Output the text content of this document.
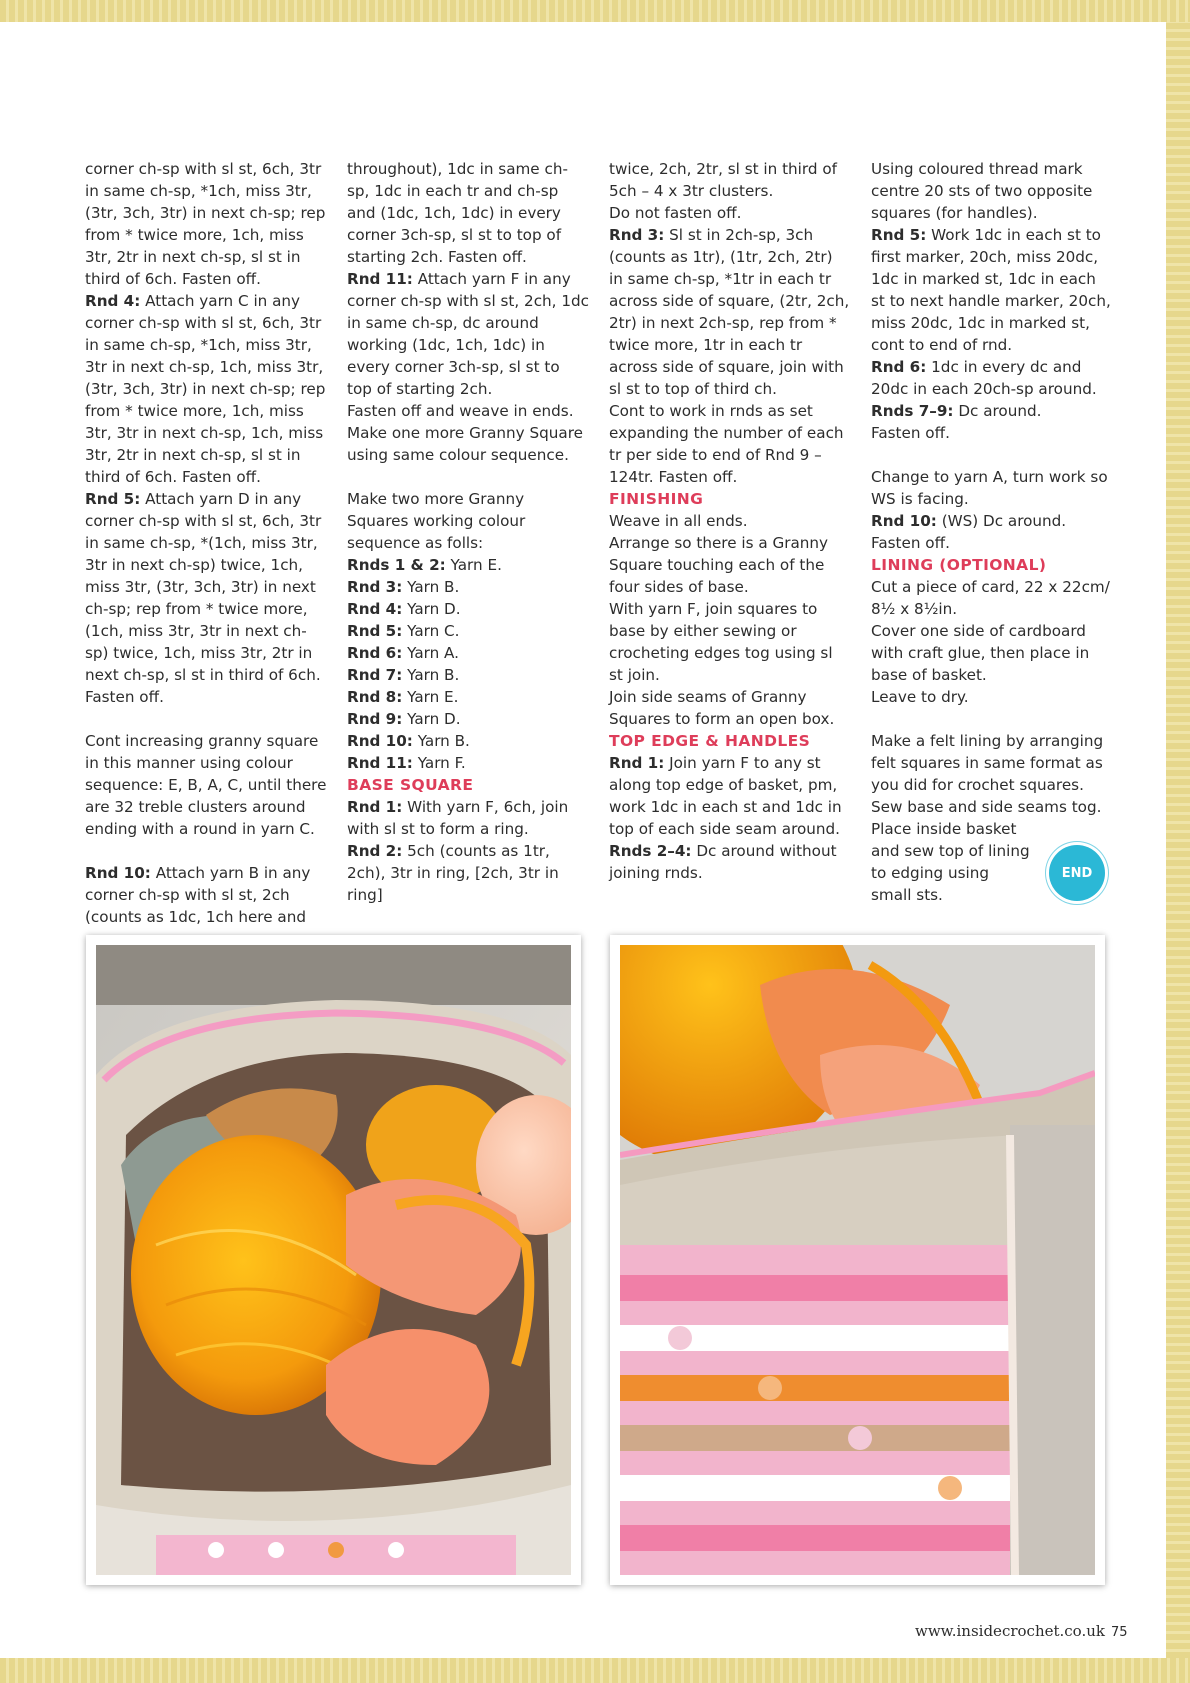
corner ch-sp with sl st, 6ch, 3tr in same ch-sp, *1ch, miss 3tr, (3tr, 3ch, 3tr) in next ch-sp; rep from * twice more, 1ch, miss 3tr, 2tr in next ch-sp, sl st in third of 6ch. Fasten off.

Rnd 4: Attach yarn C in any corner ch-sp with sl st, 6ch, 3tr in same ch-sp, *1ch, miss 3tr, 3tr in next ch-sp, 1ch, miss 3tr, (3tr, 3ch, 3tr) in next ch-sp; rep from * twice more, 1ch, miss 3tr, 3tr in next ch-sp, 1ch, miss 3tr, 2tr in next ch-sp, sl st in third of 6ch. Fasten off.

Rnd 5: Attach yarn D in any corner ch-sp with sl st, 6ch, 3tr in same ch-sp, *(1ch, miss 3tr, 3tr in next ch-sp) twice, 1ch, miss 3tr, (3tr, 3ch, 3tr) in next ch-sp; rep from * twice more, (1ch, miss 3tr, 3tr in next ch-sp) twice, 1ch, miss 3tr, 2tr in next ch-sp, sl st in third of 6ch. Fasten off.

Cont increasing granny square in this manner using colour sequence: E, B, A, C, until there are 32 treble clusters around ending with a round in yarn C.

Rnd 10: Attach yarn B in any corner ch-sp with sl st, 2ch (counts as 1dc, 1ch here and

throughout), 1dc in same ch-sp, 1dc in each tr and ch-sp and (1dc, 1ch, 1dc) in every corner 3ch-sp, sl st to top of starting 2ch. Fasten off.

Rnd 11: Attach yarn F in any corner ch-sp with sl st, 2ch, 1dc in same ch-sp, dc around working (1dc, 1ch, 1dc) in every corner 3ch-sp, sl st to top of starting 2ch.

Fasten off and weave in ends.

Make one more Granny Square using same colour sequence.

Make two more Granny Squares working colour sequence as folls:

Rnds 1 & 2: Yarn E.

Rnd 3: Yarn B.

Rnd 4: Yarn D.

Rnd 5: Yarn C.

Rnd 6: Yarn A.

Rnd 7: Yarn B.

Rnd 8: Yarn E.

Rnd 9: Yarn D.

Rnd 10: Yarn B.

Rnd 11: Yarn F.

BASE SQUARE

Rnd 1: With yarn F, 6ch, join with sl st to form a ring.

Rnd 2: 5ch (counts as 1tr, 2ch), 3tr in ring, [2ch, 3tr in ring]

twice, 2ch, 2tr, sl st in third of 5ch – 4 x 3tr clusters.

Do not fasten off.

Rnd 3: Sl st in 2ch-sp, 3ch (counts as 1tr), (1tr, 2ch, 2tr) in same ch-sp, *1tr in each tr across side of square, (2tr, 2ch, 2tr) in next 2ch-sp, rep from * twice more, 1tr in each tr across side of square, join with sl st to top of third ch.

Cont to work in rnds as set expanding the number of each tr per side to end of Rnd 9 – 124tr. Fasten off.

FINISHING

Weave in all ends.

Arrange so there is a Granny Square touching each of the four sides of base.

With yarn F, join squares to base by either sewing or crocheting edges tog using sl st join.

Join side seams of Granny Squares to form an open box.

TOP EDGE & HANDLES

Rnd 1: Join yarn F to any st along top edge of basket, pm, work 1dc in each st and 1dc in top of each side seam around.

Rnds 2–4: Dc around without joining rnds.

Using coloured thread mark centre 20 sts of two opposite squares (for handles).

Rnd 5: Work 1dc in each st to first marker, 20ch, miss 20dc, 1dc in marked st, 1dc in each st to next handle marker, 20ch, miss 20dc, 1dc in marked st, cont to end of rnd.

Rnd 6: 1dc in every dc and 20dc in each 20ch-sp around.

Rnds 7–9: Dc around.

Fasten off.

Change to yarn A, turn work so WS is facing.

Rnd 10: (WS) Dc around.

Fasten off.

LINING (OPTIONAL)

Cut a piece of card, 22 x 22cm/ 8½ x 8½in.

Cover one side of cardboard with craft glue, then place in base of basket.

Leave to dry.

Make a felt lining by arranging felt squares in same format as you did for crochet squares.

Sew base and side seams tog.

Place inside basket and sew top of lining to edging using small sts.

END
www.insidecrochet.co.uk 75
